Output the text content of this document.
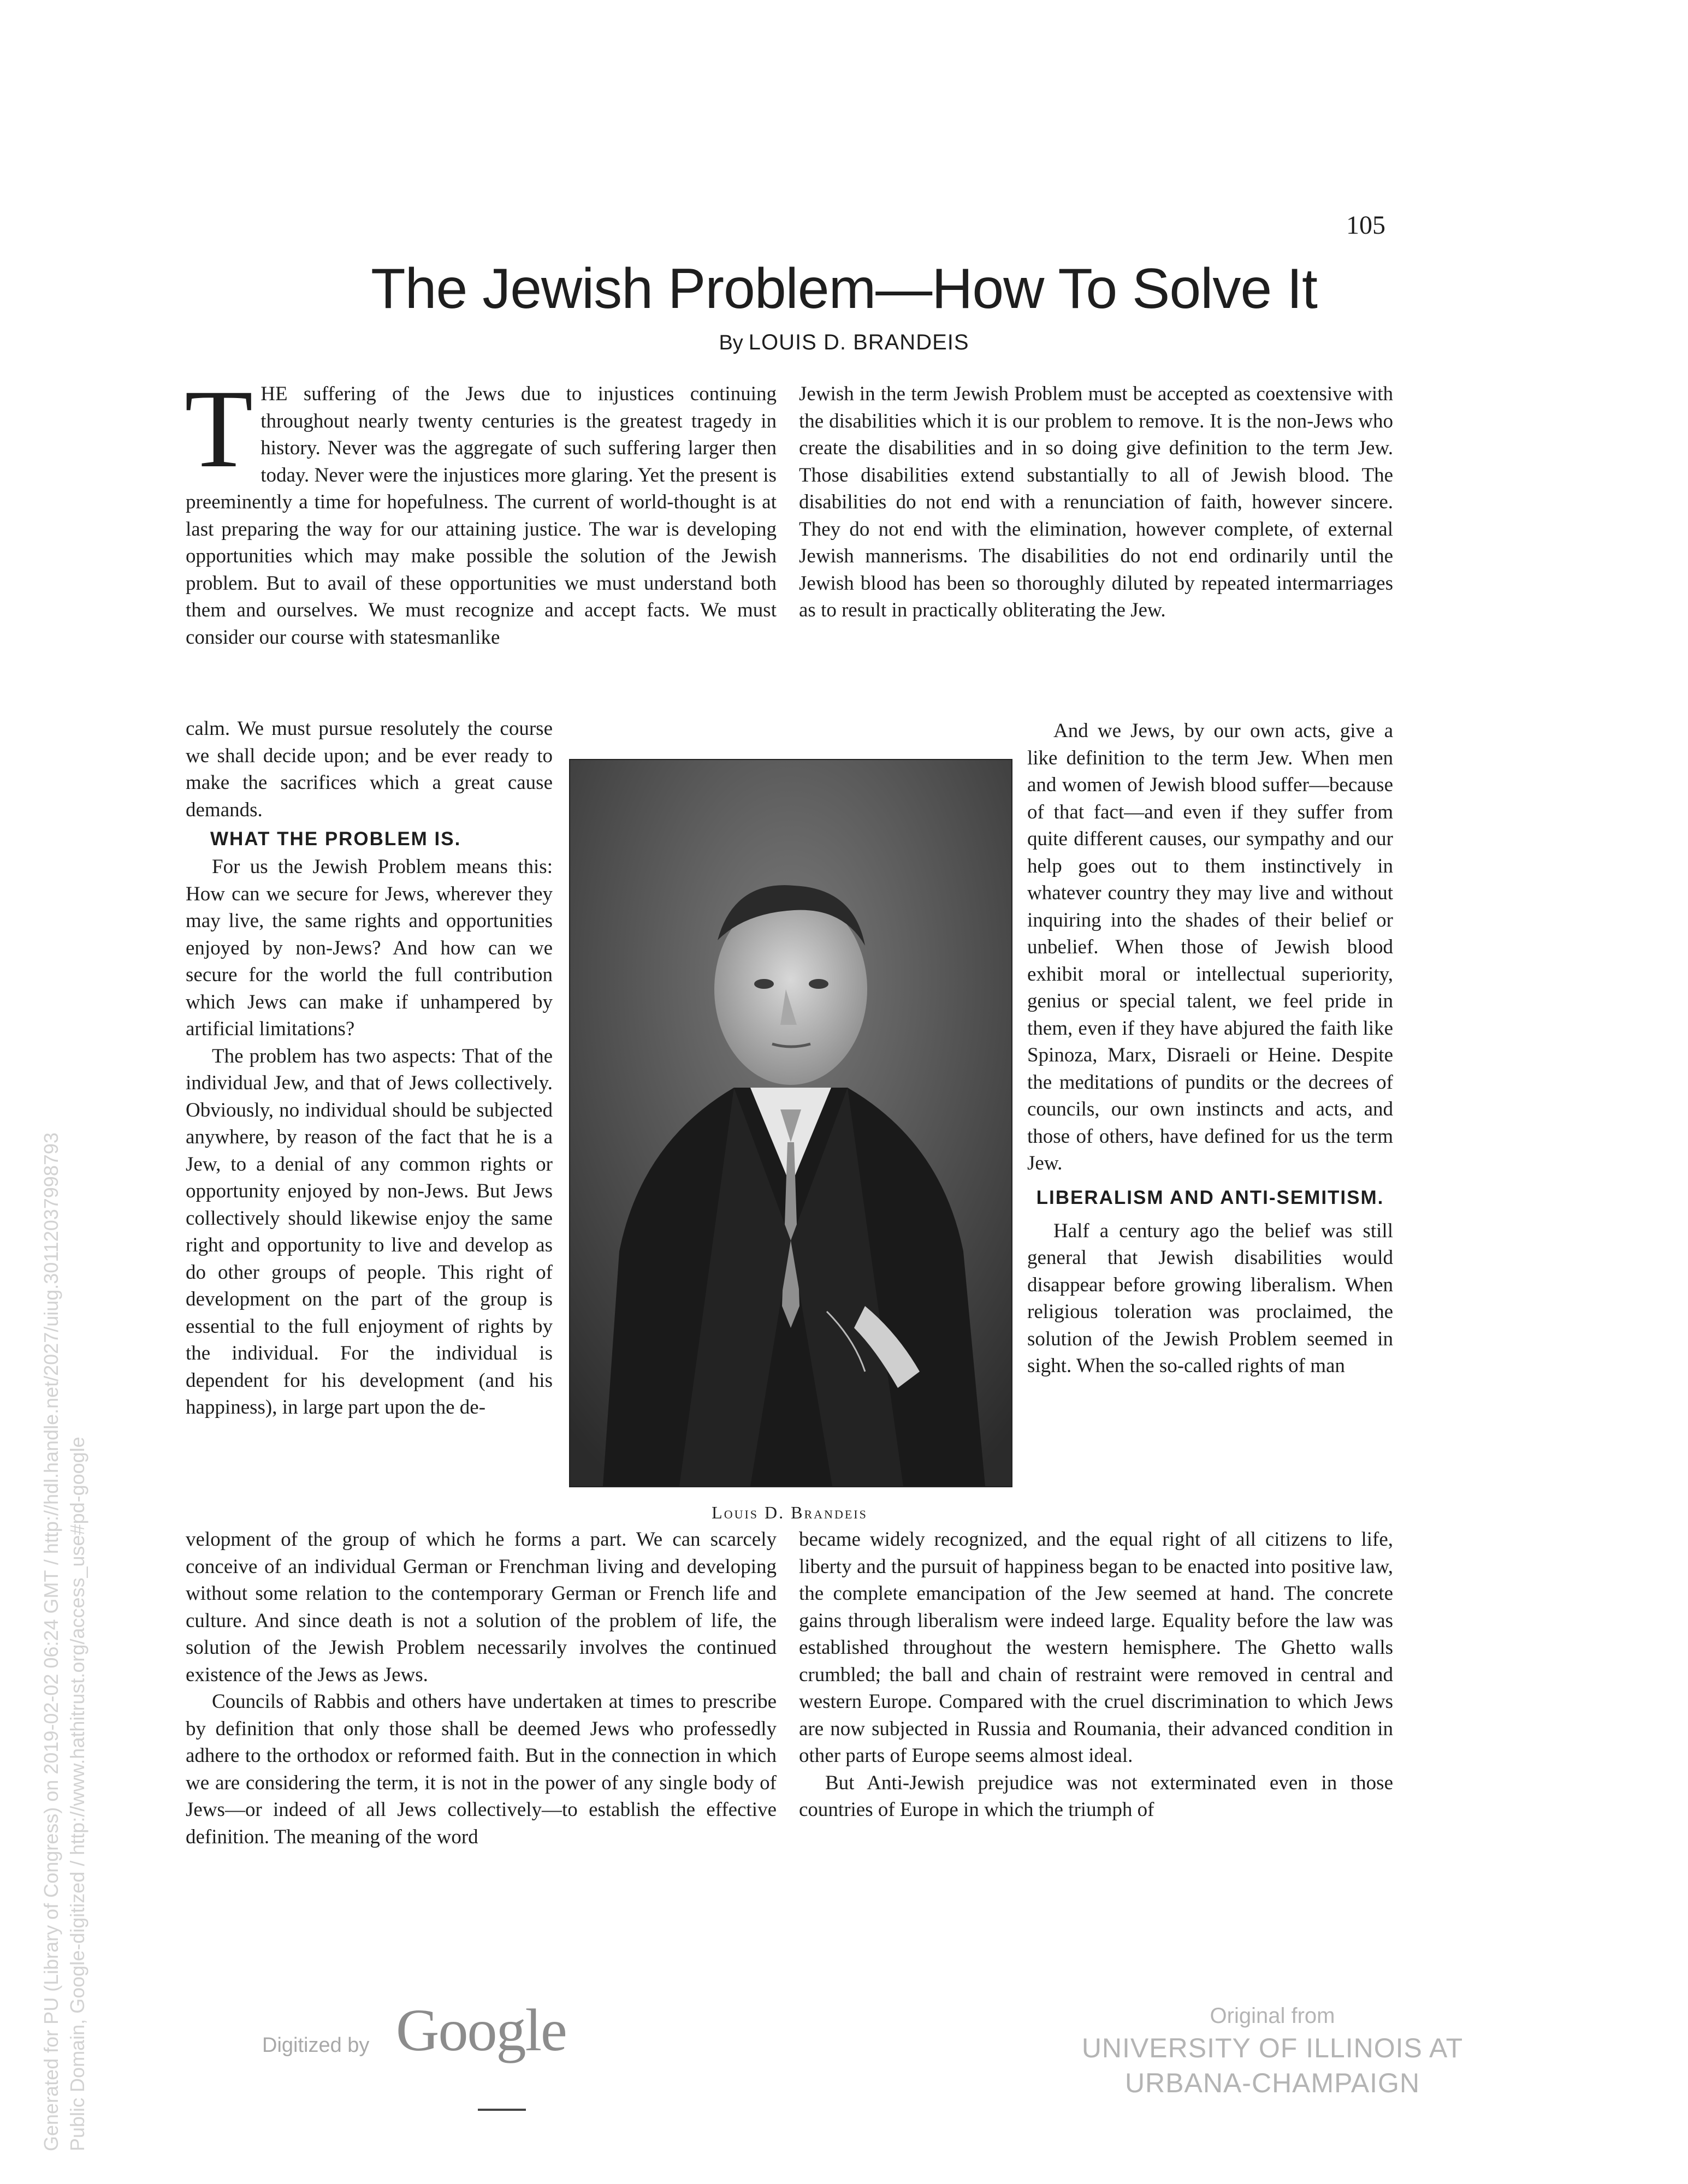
105
The Jewish Problem—How To Solve It
By LOUIS D. BRANDEIS
THE suffering of the Jews due to injustices continuing throughout nearly twenty centuries is the greatest tragedy in history. Never was the aggregate of such suffering larger then today. Never were the injustices more glaring. Yet the present is preeminently a time for hopefulness. The current of world-thought is at last preparing the way for our attaining justice. The war is developing opportunities which may make possible the solution of the Jewish problem. But to avail of these opportunities we must understand both them and ourselves. We must recognize and accept facts. We must consider our course with statesmanlike

Jewish in the term Jewish Problem must be accepted as coextensive with the disabilities which it is our problem to remove. It is the non-Jews who create the disabilities and in so doing give definition to the term Jew. Those disabilities extend substantially to all of Jewish blood. The disabilities do not end with a renunciation of faith, however sincere. They do not end with the elimination, however complete, of external Jewish mannerisms. The disabilities do not end ordinarily until the Jewish blood has been so thoroughly diluted by repeated intermarriages as to result in practically obliterating the Jew.

calm. We must pursue resolutely the course we shall decide upon; and be ever ready to make the sacrifices which a great cause demands.

WHAT THE PROBLEM IS.

For us the Jewish Problem means this: How can we secure for Jews, wherever they may live, the same rights and opportunities enjoyed by non-Jews? And how can we secure for the world the full contribution which Jews can make if unhampered by artificial limitations?

The problem has two aspects: That of the individual Jew, and that of Jews collectively. Obviously, no individual should be subjected anywhere, by reason of the fact that he is a Jew, to a denial of any common rights or opportunity enjoyed by non-Jews. But Jews collectively should likewise enjoy the same right and opportunity to live and develop as do other groups of people. This right of development on the part of the group is essential to the full enjoyment of rights by the individual. For the individual is dependent for his development (and his happiness), in large part upon the de-

Louis D. Brandeis

And we Jews, by our own acts, give a like definition to the term Jew. When men and women of Jewish blood suffer—because of that fact—and even if they suffer from quite different causes, our sympathy and our help goes out to them instinctively in whatever country they may live and without inquiring into the shades of their belief or unbelief. When those of Jewish blood exhibit moral or intellectual superiority, genius or special talent, we feel pride in them, even if they have abjured the faith like Spinoza, Marx, Disraeli or Heine. Despite the meditations of pundits or the decrees of councils, our own instincts and acts, and those of others, have defined for us the term Jew.

LIBERALISM AND ANTI-SEMITISM.

Half a century ago the belief was still general that Jewish disabilities would disappear before growing liberalism. When religious toleration was proclaimed, the solution of the Jewish Problem seemed in sight. When the so-called rights of man

velopment of the group of which he forms a part. We can scarcely conceive of an individual German or Frenchman living and developing without some relation to the contemporary German or French life and culture. And since death is not a solution of the problem of life, the solution of the Jewish Problem necessarily involves the continued existence of the Jews as Jews.

Councils of Rabbis and others have undertaken at times to prescribe by definition that only those shall be deemed Jews who professedly adhere to the orthodox or reformed faith. But in the connection in which we are considering the term, it is not in the power of any single body of Jews—or indeed of all Jews collectively—to establish the effective definition. The meaning of the word

became widely recognized, and the equal right of all citizens to life, liberty and the pursuit of happiness began to be enacted into positive law, the complete emancipation of the Jew seemed at hand. The concrete gains through liberalism were indeed large. Equality before the law was established throughout the western hemisphere. The Ghetto walls crumbled; the ball and chain of restraint were removed in central and western Europe. Compared with the cruel discrimination to which Jews are now subjected in Russia and Roumania, their advanced condition in other parts of Europe seems almost ideal.

But Anti-Jewish prejudice was not exterminated even in those countries of Europe in which the triumph of

Digitized by Google	Original from
UNIVERSITY OF ILLINOIS AT
URBANA-CHAMPAIGN
Generated for PU (Library of Congress) on 2019-02-02 06:24 GMT / http://hdl.handle.net/2027/uiug.30112037998793 Public Domain, Google-digitized / http://www.hathitrust.org/access_use#pd-google
